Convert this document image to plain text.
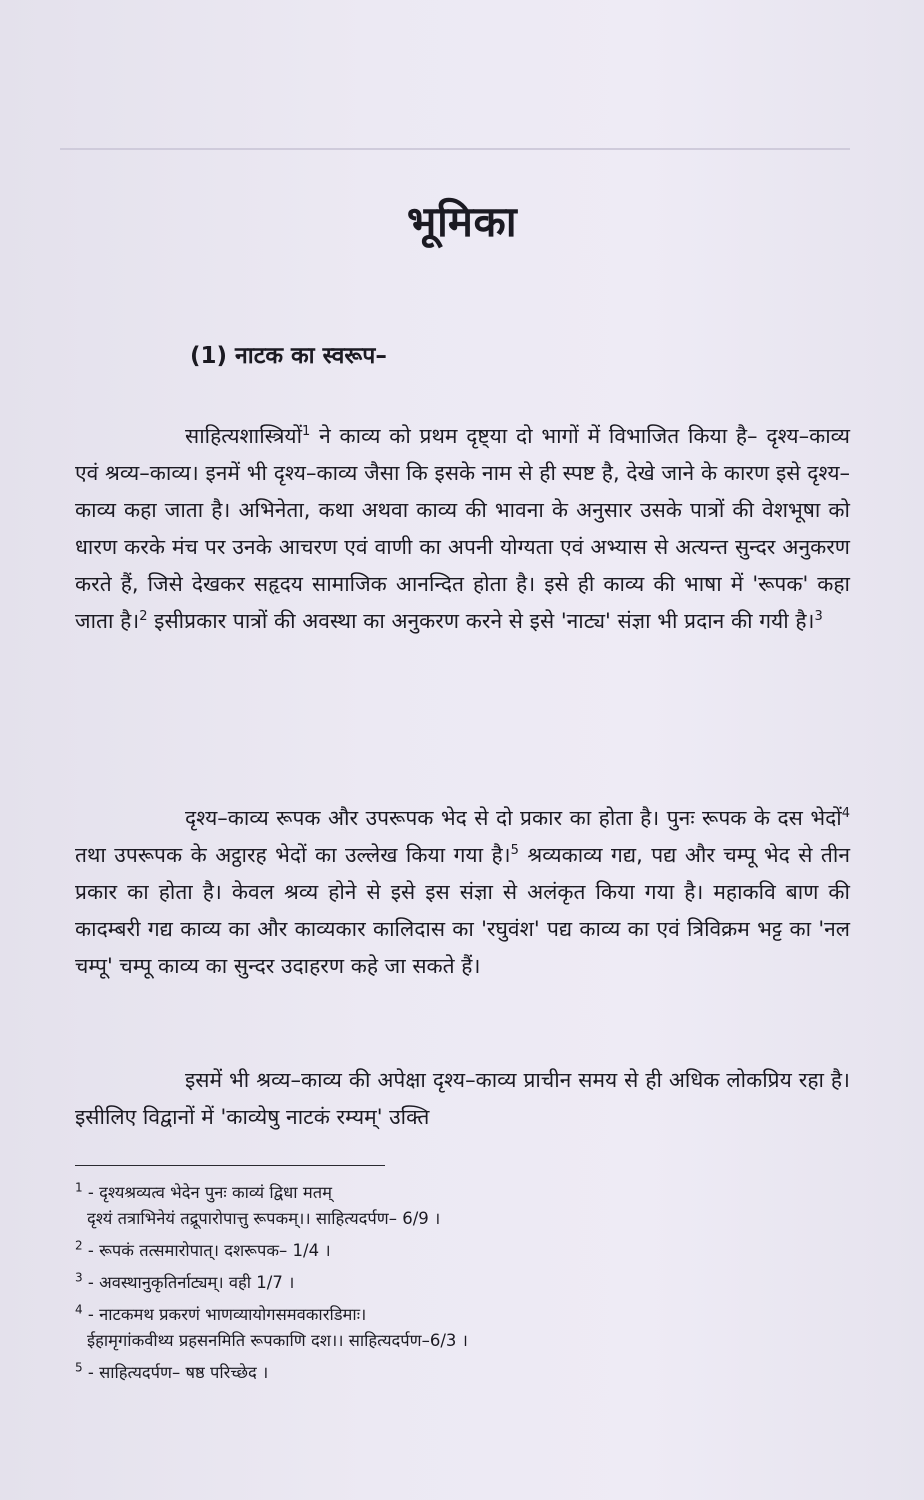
भूमिका

(1) नाटक का स्वरूप–

साहित्यशास्त्रियों$^1$ ने काव्य को प्रथम दृष्ट्या दो भागों में विभाजित किया है– दृश्य–काव्य एवं श्रव्य–काव्य। इनमें भी दृश्य–काव्य जैसा कि इसके नाम से ही स्पष्ट है, देखे जाने के कारण इसे दृश्य–काव्य कहा जाता है। अभिनेता, कथा अथवा काव्य की भावना के अनुसार उसके पात्रों की वेशभूषा को धारण करके मंच पर उनके आचरण एवं वाणी का अपनी योग्यता एवं अभ्यास से अत्यन्त सुन्दर अनुकरण करते हैं, जिसे देखकर सहृदय सामाजिक आनन्दित होता है। इसे ही काव्य की भाषा में 'रूपक' कहा जाता है।$^2$ इसीप्रकार पात्रों की अवस्था का अनुकरण करने से इसे 'नाट्य' संज्ञा भी प्रदान की गयी है।$^3$

दृश्य–काव्य रूपक और उपरूपक भेद से दो प्रकार का होता है। पुनः रूपक के दस भेदों$^4$ तथा उपरूपक के अट्ठारह भेदों का उल्लेख किया गया है।$^5$ श्रव्यकाव्य गद्य, पद्य और चम्पू भेद से तीन प्रकार का होता है। केवल श्रव्य होने से इसे इस संज्ञा से अलंकृत किया गया है। महाकवि बाण की कादम्बरी गद्य काव्य का और काव्यकार कालिदास का 'रघुवंश' पद्य काव्य का एवं त्रिविक्रम भट्ट का 'नल चम्पू' चम्पू काव्य का सुन्दर उदाहरण कहे जा सकते हैं।

इसमें भी श्रव्य–काव्य की अपेक्षा दृश्य–काव्य प्राचीन समय से ही अधिक लोकप्रिय रहा है। इसीलिए विद्वानों में 'काव्येषु नाटकं रम्यम्' उक्ति

$^1$ - दृश्यश्रव्यत्व भेदेन पुनः काव्यं द्विधा मतम्
दृश्यं तत्राभिनेयं तद्रूपारोपात्तु रूपकम्।। साहित्यदर्पण– 6/9 ।
$^2$ - रूपकं तत्समारोपात्। दशरूपक– 1/4 ।
$^3$ - अवस्थानुकृतिर्नाट्यम्। वही 1/7 ।
$^4$ - नाटकमथ प्रकरणं भाणव्यायोगसमवकारडिमाः।
ईहामृगांकवीथ्य प्रहसनमिति रूपकाणि दश।। साहित्यदर्पण–6/3 ।
$^5$ - साहित्यदर्पण– षष्ठ परिच्छेद ।
